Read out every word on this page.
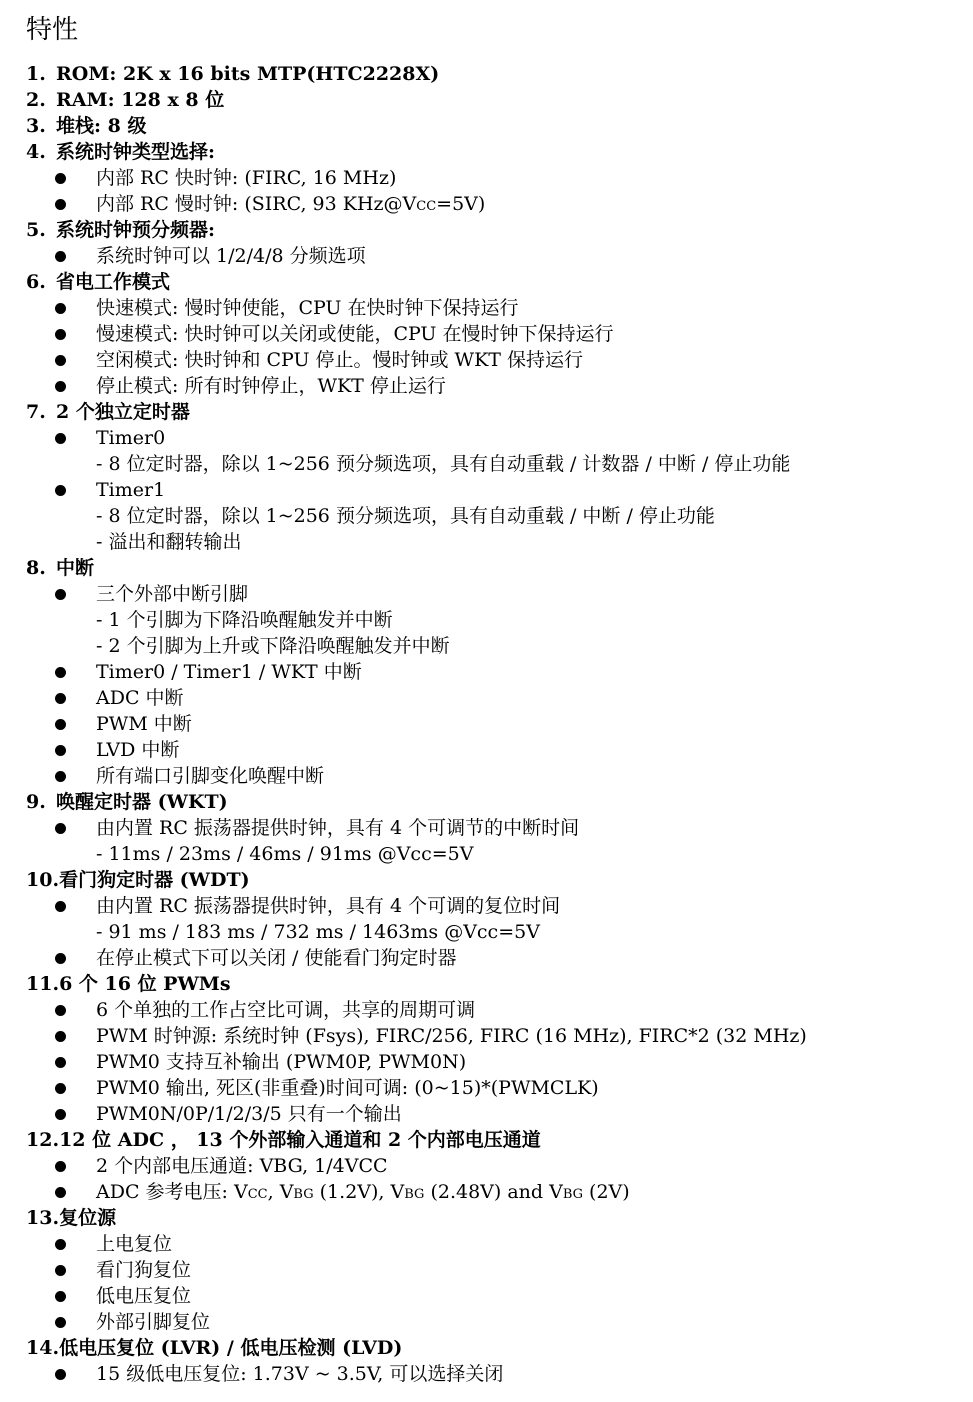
特性
1. ROM: 2K x 16 bits MTP(HTC2228X)
2. RAM: 128 x 8 位
3. 堆栈: 8 级
4. 系统时钟类型选择:
内部 RC 快时钟: (FIRC, 16 MHz)
内部 RC 慢时钟: (SIRC, 93 KHz@VCC=5V)
5. 系统时钟预分频器:
系统时钟可以 1/2/4/8 分频选项
6. 省电工作模式
快速模式: 慢时钟使能，CPU 在快时钟下保持运行
慢速模式: 快时钟可以关闭或使能，CPU 在慢时钟下保持运行
空闲模式: 快时钟和 CPU 停止。慢时钟或 WKT 保持运行
停止模式: 所有时钟停止，WKT 停止运行
7. 2 个独立定时器
Timer0
- 8 位定时器，除以 1~256 预分频选项，具有自动重载 / 计数器 / 中断 / 停止功能
Timer1
- 8 位定时器，除以 1~256 预分频选项，具有自动重载 / 中断 / 停止功能
- 溢出和翻转输出
8. 中断
三个外部中断引脚
- 1 个引脚为下降沿唤醒触发并中断
- 2 个引脚为上升或下降沿唤醒触发并中断
Timer0 / Timer1 / WKT 中断
ADC 中断
PWM 中断
LVD 中断
所有端口引脚变化唤醒中断
9. 唤醒定时器 (WKT)
由内置 RC 振荡器提供时钟，具有 4 个可调节的中断时间
- 11ms / 23ms / 46ms / 91ms @Vcc=5V
10.看门狗定时器 (WDT)
由内置 RC 振荡器提供时钟，具有 4 个可调的复位时间
- 91 ms / 183 ms / 732 ms / 1463ms @Vcc=5V
在停止模式下可以关闭 / 使能看门狗定时器
11.6 个 16 位 PWMs
6 个单独的工作占空比可调，共享的周期可调
PWM 时钟源: 系统时钟 (Fsys), FIRC/256, FIRC (16 MHz), FIRC*2 (32 MHz)
PWM0 支持互补输出 (PWM0P, PWM0N)
PWM0 输出, 死区(非重叠)时间可调: (0~15)*(PWMCLK)
PWM0N/0P/1/2/3/5 只有一个输出
12.12 位 ADC ， 13 个外部输入通道和 2 个内部电压通道
2 个内部电压通道: VBG, 1/4VCC
ADC 参考电压: VCC, VBG (1.2V), VBG (2.48V) and VBG (2V)
13.复位源
上电复位
看门狗复位
低电压复位
外部引脚复位
14.低电压复位 (LVR) / 低电压检测 (LVD)
15 级低电压复位: 1.73V ~ 3.5V, 可以选择关闭
